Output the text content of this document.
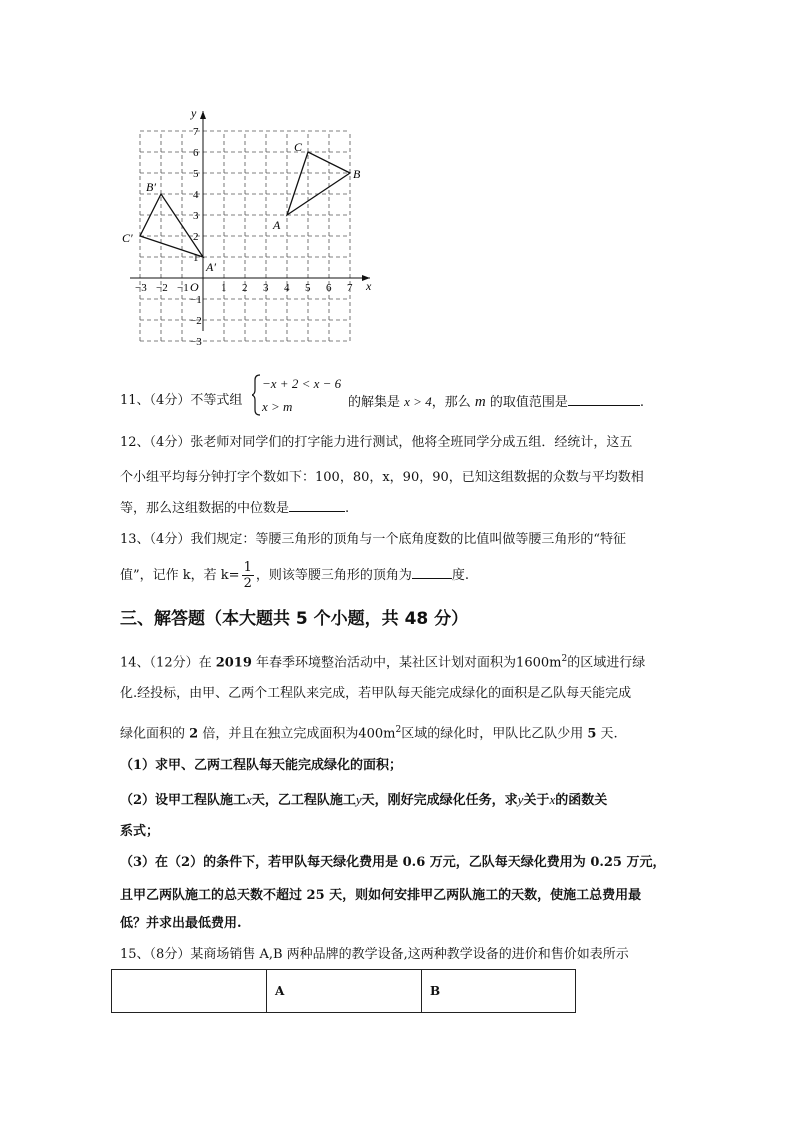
−3 −2 −1	1 2 3 4 5 6 7
7
6
5
4
3
2
1
−1
−2
−3
O	x
y
A
B
C
A′
B′
C′
11、（4分）不等式组
−x + 2 < x − 6
x > m	的解集是 x > 4，那么 m 的取值范围是	.
12、（4分）张老师对同学们的打字能力进行测试，他将全班同学分成五组．经统计，这五
个小组平均每分钟打字个数如下：100，80，x，90，90，已知这组数据的众数与平均数相
等，那么这组数据的中位数是	.
13、（4分）我们规定：等腰三角形的顶角与一个底角度数的比值叫做等腰三角形的“特征
值”，记作 k，若 $k= \frac{1}{2}$ ，则该等腰三角形的顶角为	度.
三、解答题（本大题共 5 个小题，共 48 分）
14、（12分）在 2019 年春季环境整治活动中，某社区计划对面积为$1600m^2$的区域进行绿
化.经投标，由甲、乙两个工程队来完成，若甲队每天能完成绿化的面积是乙队每天能完成
绿化面积的 2 倍，并且在独立完成面积为$400m^2$区域的绿化时，甲队比乙队少用 5 天.
（1）求甲、乙两工程队每天能完成绿化的面积；
（2）设甲工程队施工x天，乙工程队施工y天，刚好完成绿化任务，求y关于x的函数关
系式；
（3）在（2）的条件下，若甲队每天绿化费用是 0.6 万元，乙队每天绿化费用为 0.25 万元，
且甲乙两队施工的总天数不超过 25 天，则如何安排甲乙两队施工的天数，使施工总费用最
低？并求出最低费用.
15、（8分）某商场销售 A,B 两种品牌的教学设备,这两种教学设备的进价和售价如表所示
	A	B
